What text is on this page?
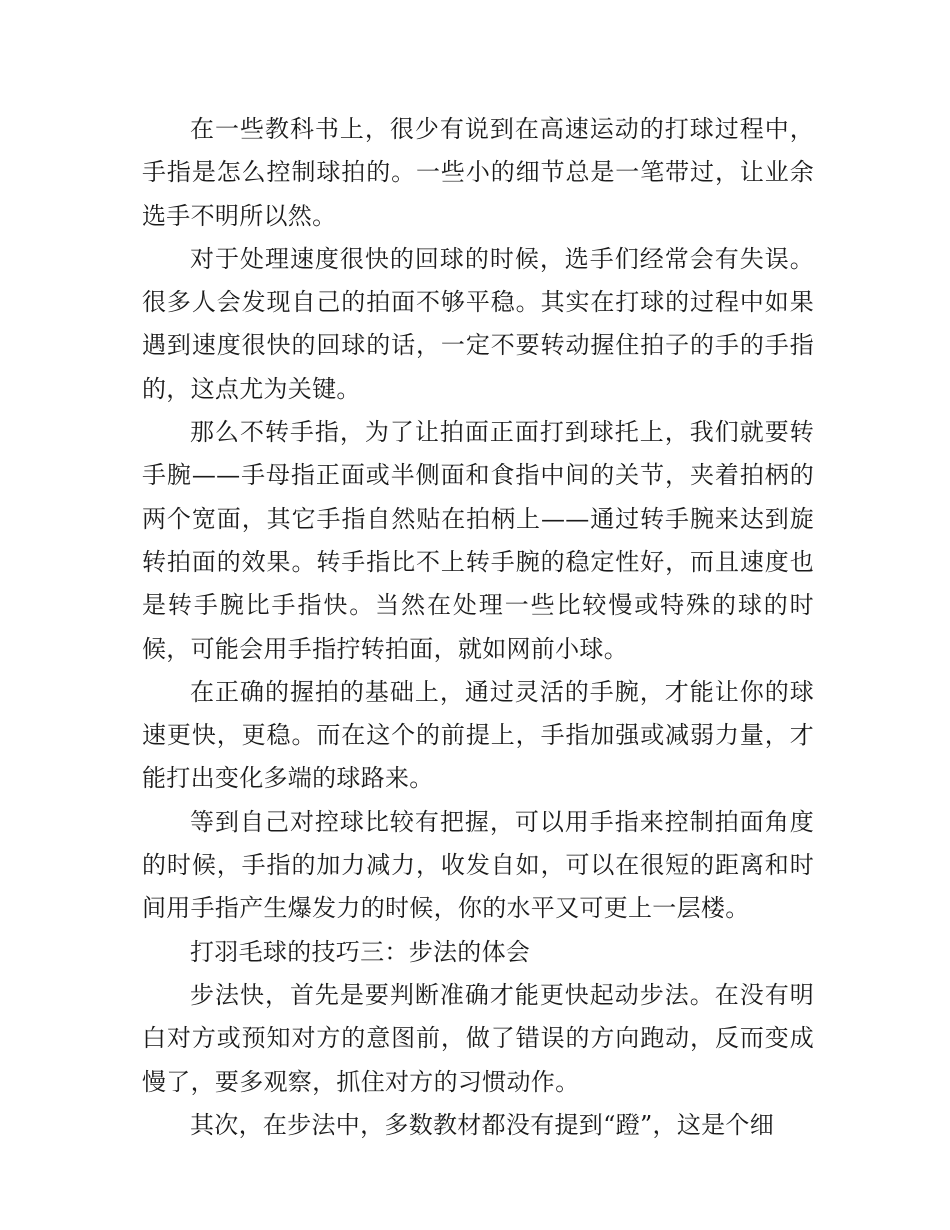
在一些教科书上，很少有说到在高速运动的打球过程中，手指是怎么控制球拍的。一些小的细节总是一笔带过，让业余选手不明所以然。

对于处理速度很快的回球的时候，选手们经常会有失误。很多人会发现自己的拍面不够平稳。其实在打球的过程中如果遇到速度很快的回球的话，一定不要转动握住拍子的手的手指的，这点尤为关键。

那么不转手指，为了让拍面正面打到球托上，我们就要转手腕——手母指正面或半侧面和食指中间的关节，夹着拍柄的两个宽面，其它手指自然贴在拍柄上——通过转手腕来达到旋转拍面的效果。转手指比不上转手腕的稳定性好，而且速度也是转手腕比手指快。当然在处理一些比较慢或特殊的球的时候，可能会用手指拧转拍面，就如网前小球。

在正确的握拍的基础上，通过灵活的手腕，才能让你的球速更快，更稳。而在这个的前提上，手指加强或减弱力量，才能打出变化多端的球路来。

等到自己对控球比较有把握，可以用手指来控制拍面角度的时候，手指的加力减力，收发自如，可以在很短的距离和时间用手指产生爆发力的时候，你的水平又可更上一层楼。

打羽毛球的技巧三：步法的体会

步法快，首先是要判断准确才能更快起动步法。在没有明白对方或预知对方的意图前，做了错误的方向跑动，反而变成慢了，要多观察，抓住对方的习惯动作。

其次，在步法中，多数教材都没有提到“蹬”，这是个细
